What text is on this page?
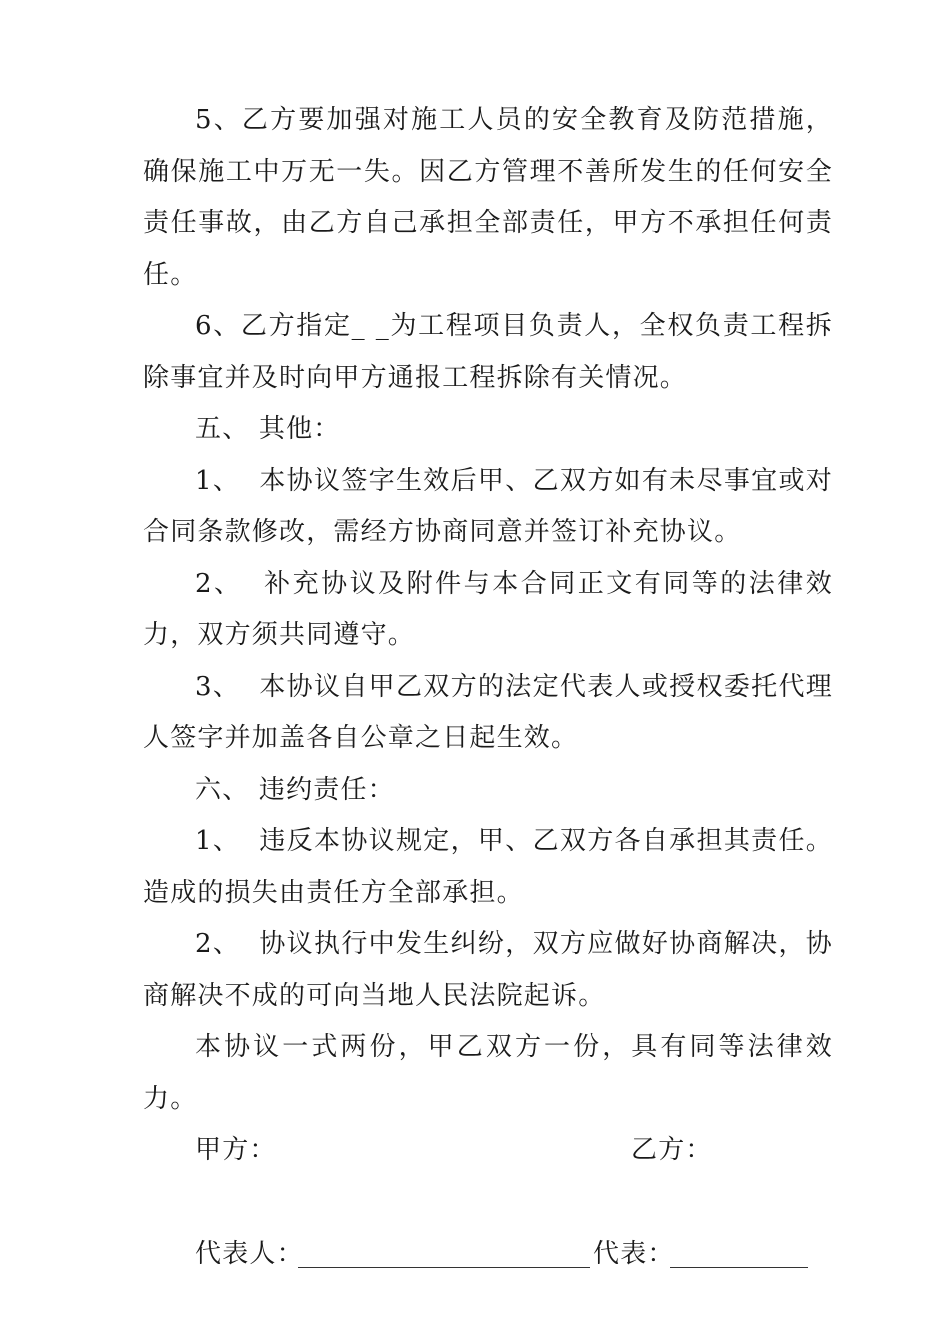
5、乙方要加强对施工人员的安全教育及防范措施，确保施工中万无一失。因乙方管理不善所发生的任何安全责任事故，由乙方自己承担全部责任，甲方不承担任何责任。

6、乙方指定_ _为工程项目负责人，全权负责工程拆 除事宜并及时向甲方通报工程拆除有关情况。

五、 其他：

1、  本协议签字生效后甲、乙双方如有未尽事宜或对合同条款修改，需经方协商同意并签订补充协议。

2、  补充协议及附件与本合同正文有同等的法律效力，双方须共同遵守。

3、  本协议自甲乙双方的法定代表人或授权委托代理人签字并加盖各自公章之日起生效。

六、 违约责任：

1、  违反本协议规定，甲、乙双方各自承担其责任。造成的损失由责任方全部承担。

2、  协议执行中发生纠纷，双方应做好协商解决，协商解决不成的可向当地人民法院起诉。

本协议一式两份，甲乙双方一份，具有同等法律效力。

甲方：	乙方：
代表人：	代表：
